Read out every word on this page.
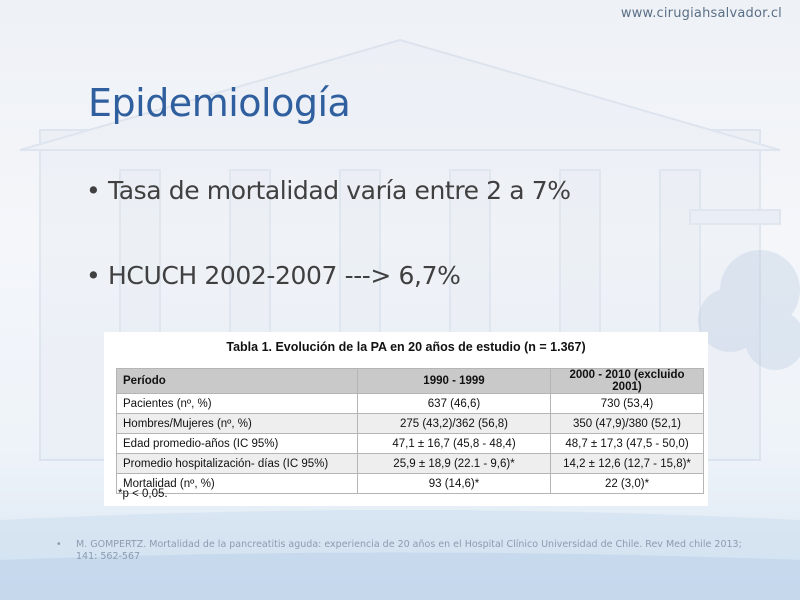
www.cirugiahsalvador.cl
Epidemiología
• Tasa de mortalidad varía entre 2 a 7%
• HCUCH 2002-2007 ---> 6,7%
Tabla 1. Evolución de la PA en 20 años de estudio (n = 1.367)
Período	1990 - 1999	2000 - 2010 (excluido 2001)
Pacientes (nº, %)	637 (46,6)	730 (53,4)
Hombres/Mujeres (nº, %)	275 (43,2)/362 (56,8)	350 (47,9)/380 (52,1)
Edad promedio-años (IC 95%)	47,1 ± 16,7 (45,8 - 48,4)	48,7 ± 17,3 (47,5 - 50,0)
Promedio hospitalización- días (IC 95%)	25,9 ± 18,9 (22.1 - 9,6)*	14,2 ± 12,6 (12,7 - 15,8)*
Mortalidad (nº, %)	93 (14,6)*	22 (3,0)*
*p < 0,05.
• M. GOMPERTZ. Mortalidad de la pancreatitis aguda: experiencia de 20 años en el Hospital Clínico Universidad de Chile. Rev Med chile 2013; 141: 562-567
